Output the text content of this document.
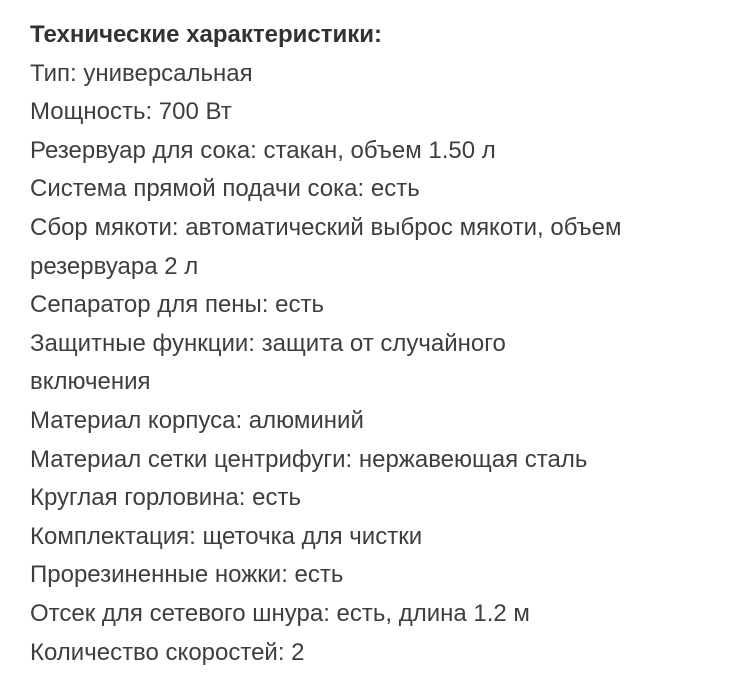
Технические характеристики:
Тип: универсальная
Мощность: 700 Вт
Резервуар для сока: стакан, объем 1.50 л
Система прямой подачи сока: есть
Сбор мякоти: автоматический выброс мякоти, объем
резервуара 2 л
Сепаратор для пены: есть
Защитные функции: защита от случайного
включения
Материал корпуса: алюминий
Материал сетки центрифуги: нержавеющая сталь
Круглая горловина: есть
Комплектация: щеточка для чистки
Прорезиненные ножки: есть
Отсек для сетевого шнура: есть, длина 1.2 м
Количество скоростей: 2
